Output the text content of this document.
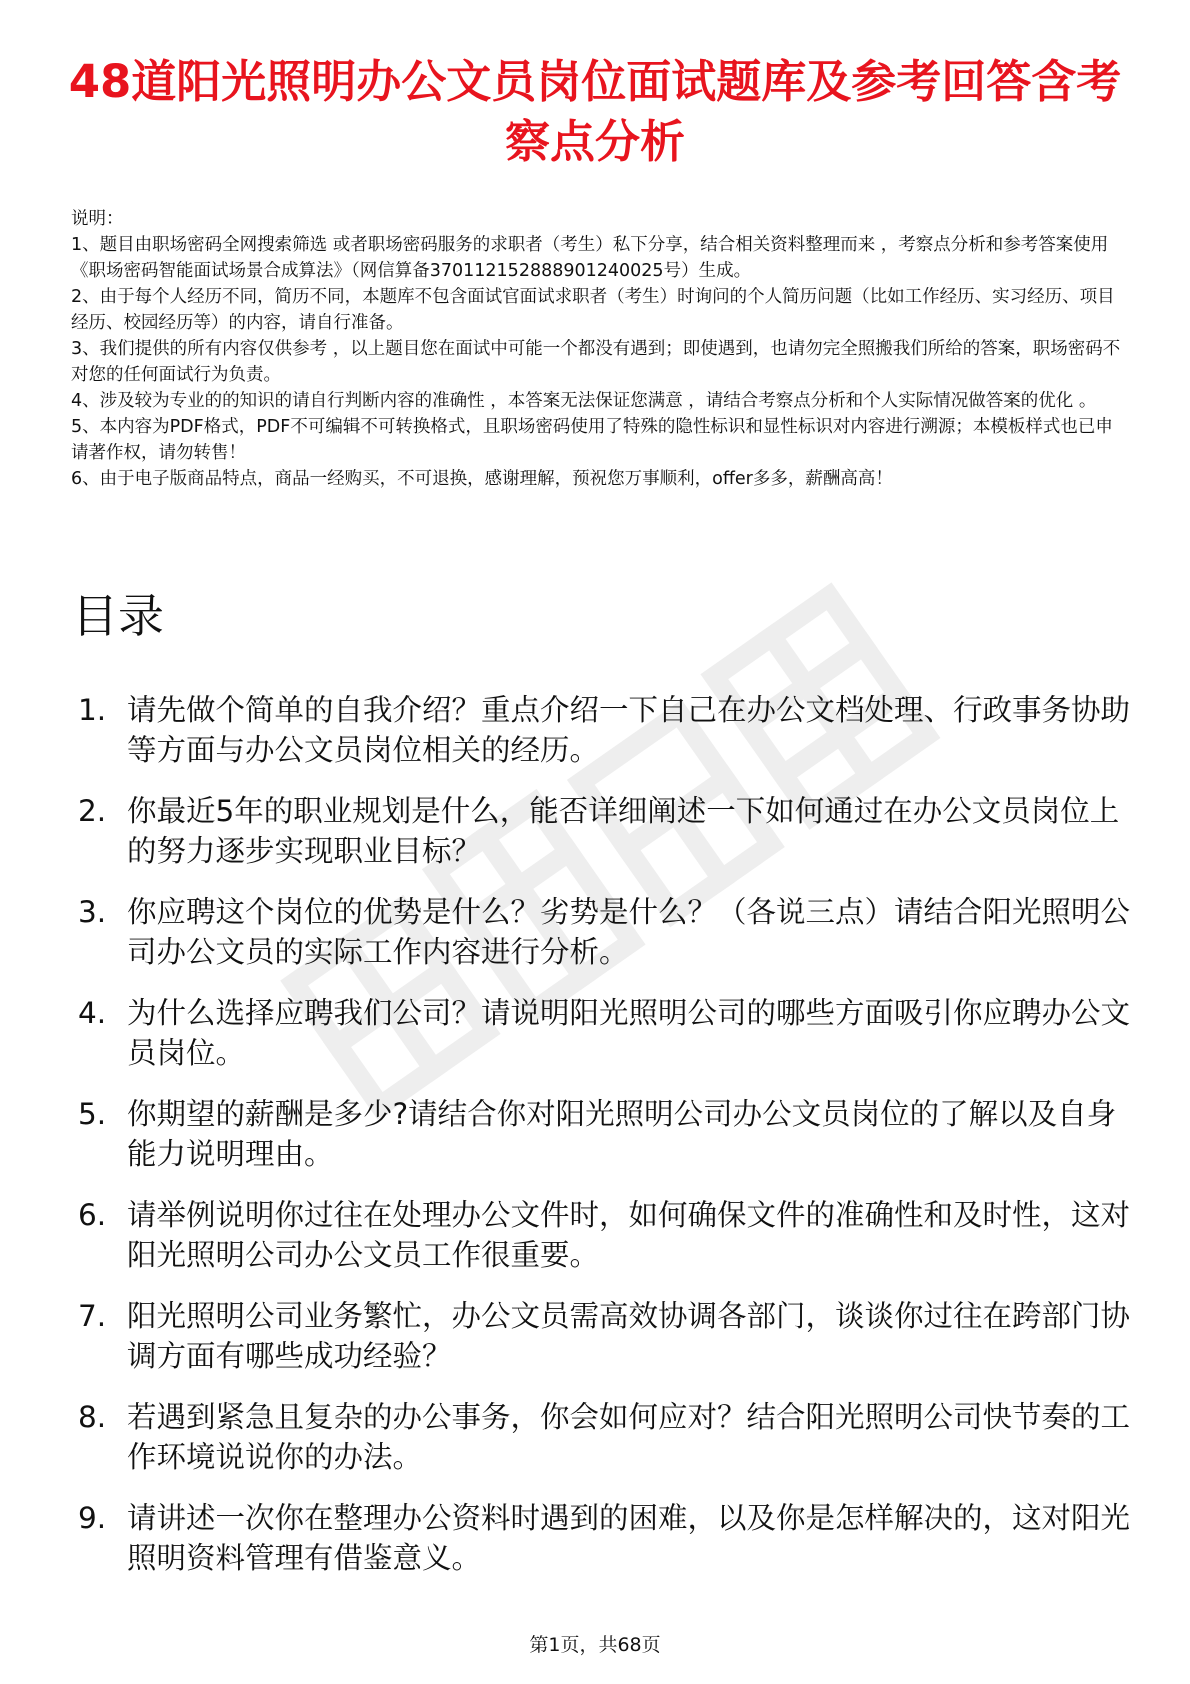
48道阳光照明办公文员岗位面试题库及参考回答含考察点分析
说明：
1、题目由职场密码全网搜索筛选 或者职场密码服务的求职者（考生）私下分享，结合相关资料整理而来 ，考察点分析和参考答案使用《职场密码智能面试场景合成算法》（网信算备370112152888901240025号）生成。
2、由于每个人经历不同，简历不同，本题库不包含面试官面试求职者（考生）时询问的个人简历问题（比如工作经历、实习经历、项目经历、校园经历等）的内容，请自行准备。
3、我们提供的所有内容仅供参考 ，以上题目您在面试中可能一个都没有遇到；即使遇到，也请勿完全照搬我们所给的答案，职场密码不对您的任何面试行为负责。
4、涉及较为专业的的知识的请自行判断内容的准确性 ，本答案无法保证您满意 ，请结合考察点分析和个人实际情况做答案的优化 。
5、本内容为PDF格式，PDF不可编辑不可转换格式，且职场密码使用了特殊的隐性标识和显性标识对内容进行溯源；本模板样式也已申请著作权，请勿转售！
6、由于电子版商品特点，商品一经购买，不可退换，感谢理解，预祝您万事顺利，offer多多，薪酬高高！
目录
1. 请先做个简单的自我介绍？重点介绍一下自己在办公文档处理、行政事务协助等方面与办公文员岗位相关的经历。
2. 你最近5年的职业规划是什么，能否详细阐述一下如何通过在办公文员岗位上的努力逐步实现职业目标？
3. 你应聘这个岗位的优势是什么？劣势是什么？（各说三点）请结合阳光照明公司办公文员的实际工作内容进行分析。
4. 为什么选择应聘我们公司？请说明阳光照明公司的哪些方面吸引你应聘办公文员岗位。
5. 你期望的薪酬是多少?请结合你对阳光照明公司办公文员岗位的了解以及自身能力说明理由。
6. 请举例说明你过往在处理办公文件时，如何确保文件的准确性和及时性，这对阳光照明公司办公文员工作很重要。
7. 阳光照明公司业务繁忙，办公文员需高效协调各部门，谈谈你过往在跨部门协调方面有哪些成功经验？
8. 若遇到紧急且复杂的办公事务，你会如何应对？结合阳光照明公司快节奏的工作环境说说你的办法。
9. 请讲述一次你在整理办公资料时遇到的困难，以及你是怎样解决的，这对阳光照明资料管理有借鉴意义。
第1页，共68页
